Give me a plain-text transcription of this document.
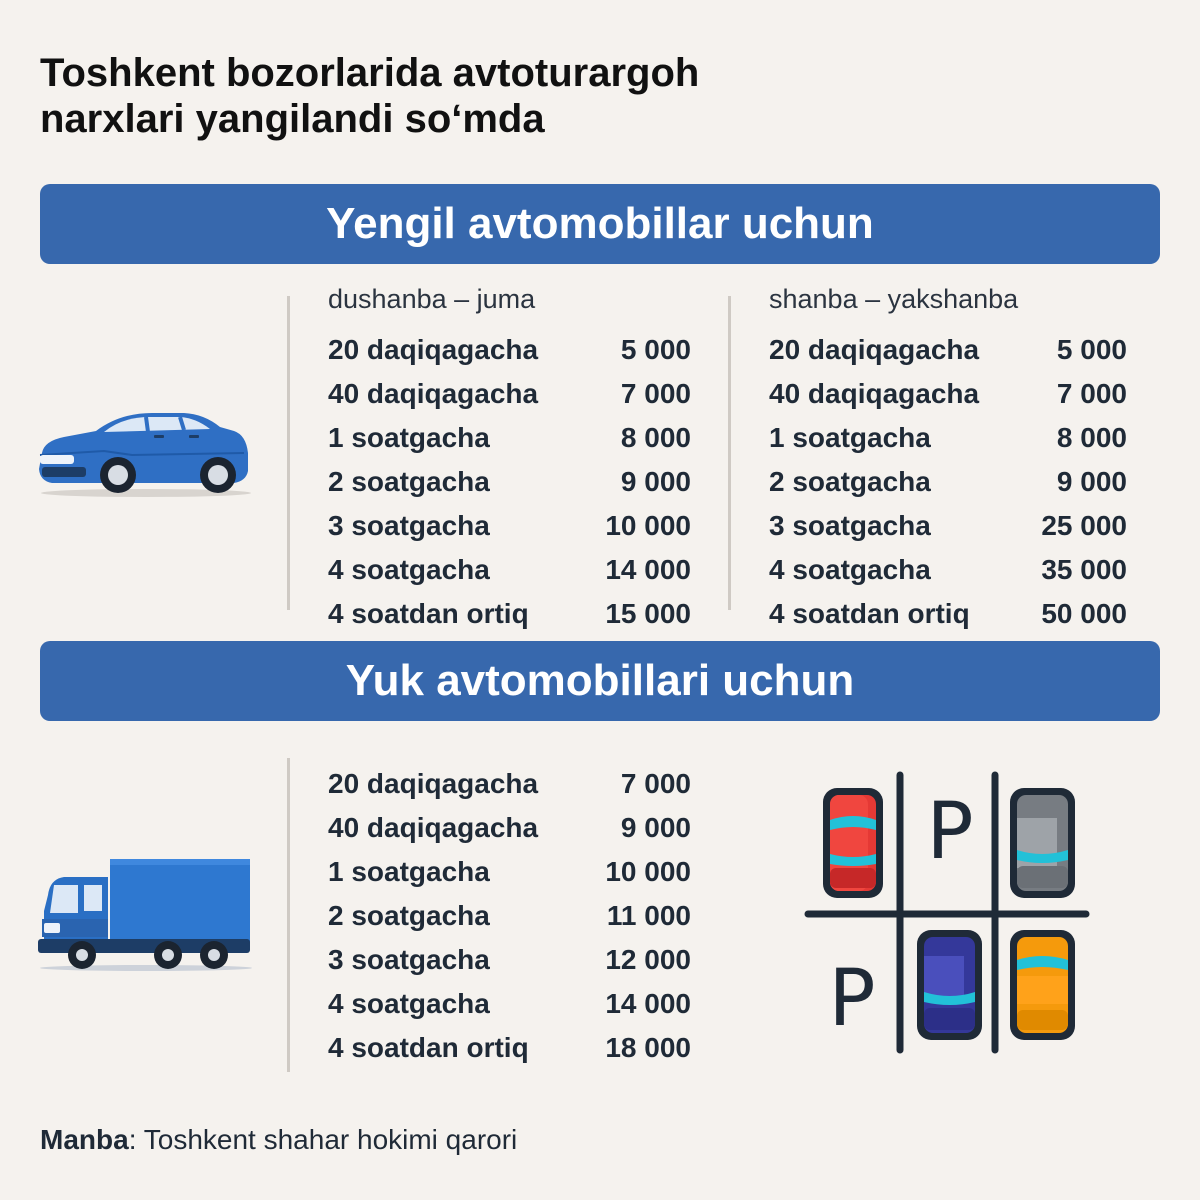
Toshkent bozorlarida avtoturargoh
narxlari yangilandi so‘mda
Yengil avtomobillar uchun
dushanba – juma
20 daqiqagacha	5 000
40 daqiqagacha	7 000
1 soatgacha	8 000
2 soatgacha	9 000
3 soatgacha	10 000
4 soatgacha	14 000
4 soatdan ortiq	15 000
shanba – yakshanba
20 daqiqagacha	5 000
40 daqiqagacha	7 000
1 soatgacha	8 000
2 soatgacha	9 000
3 soatgacha	25 000
4 soatgacha	35 000
4 soatdan ortiq	50 000
Yuk avtomobillari uchun
20 daqiqagacha	7 000
40 daqiqagacha	9 000
1 soatgacha	10 000
2 soatgacha	11 000
3 soatgacha	12 000
4 soatgacha	14 000
4 soatdan ortiq	18 000
P
P
Manba: Toshkent shahar hokimi qarori
